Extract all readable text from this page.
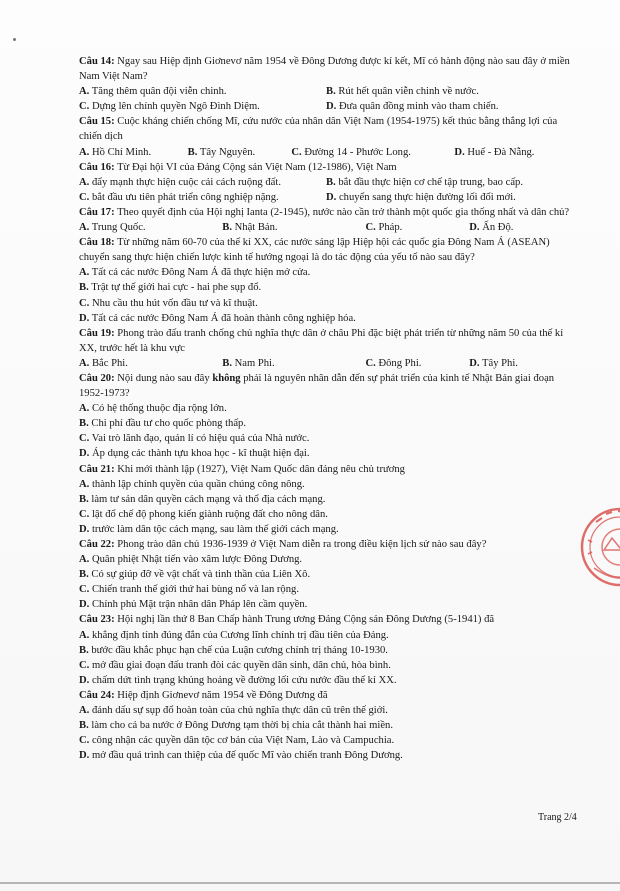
Câu 14: Ngay sau Hiệp định Giơnevơ năm 1954 về Đông Dương được kí kết, Mĩ có hành động nào sau đây ở miền Nam Việt Nam?
A. Tăng thêm quân đội viễn chinh.	B. Rút hết quân viễn chinh về nước.
C. Dựng lên chính quyền Ngô Đình Diệm.	D. Đưa quân đồng minh vào tham chiến.
Câu 15: Cuộc kháng chiến chống Mĩ, cứu nước của nhân dân Việt Nam (1954-1975) kết thúc bằng thắng lợi của chiến dịch
A. Hồ Chí Minh.	B. Tây Nguyên.	C. Đường 14 - Phước Long.	D. Huế - Đà Nẵng.
Câu 16: Từ Đại hội VI của Đảng Cộng sản Việt Nam (12-1986), Việt Nam
A. đẩy mạnh thực hiện cuộc cải cách ruộng đất.	B. bắt đầu thực hiện cơ chế tập trung, bao cấp.
C. bắt đầu ưu tiên phát triển công nghiệp nặng.	D. chuyển sang thực hiện đường lối đổi mới.
Câu 17: Theo quyết định của Hội nghị Ianta (2-1945), nước nào cần trở thành một quốc gia thống nhất và dân chủ?
A. Trung Quốc.	B. Nhật Bản.	C. Pháp.	D. Ấn Độ.
Câu 18: Từ những năm 60-70 của thế kỉ XX, các nước sáng lập Hiệp hội các quốc gia Đông Nam Á (ASEAN) chuyển sang thực hiện chiến lược kinh tế hướng ngoại là do tác động của yếu tố nào sau đây?
A. Tất cả các nước Đông Nam Á đã thực hiện mở cửa.
B. Trật tự thế giới hai cực - hai phe sụp đổ.
C. Nhu cầu thu hút vốn đầu tư và kĩ thuật.
D. Tất cả các nước Đông Nam Á đã hoàn thành công nghiệp hóa.
Câu 19: Phong trào đấu tranh chống chủ nghĩa thực dân ở châu Phi đặc biệt phát triển từ những năm 50 của thế kỉ XX, trước hết là khu vực
A. Bắc Phi.	B. Nam Phi.	C. Đông Phi.	D. Tây Phi.
Câu 20: Nội dung nào sau đây không phải là nguyên nhân dẫn đến sự phát triển của kinh tế Nhật Bản giai đoạn 1952-1973?
A. Có hệ thống thuộc địa rộng lớn.
B. Chi phí đầu tư cho quốc phòng thấp.
C. Vai trò lãnh đạo, quản lí có hiệu quả của Nhà nước.
D. Áp dụng các thành tựu khoa học - kĩ thuật hiện đại.
Câu 21: Khi mới thành lập (1927), Việt Nam Quốc dân đảng nêu chủ trương
A. thành lập chính quyền của quần chúng công nông.
B. làm tư sản dân quyền cách mạng và thổ địa cách mạng.
C. lật đổ chế độ phong kiến giành ruộng đất cho nông dân.
D. trước làm dân tộc cách mạng, sau làm thế giới cách mạng.
Câu 22: Phong trào dân chủ 1936-1939 ở Việt Nam diễn ra trong điều kiện lịch sử nào sau đây?
A. Quân phiệt Nhật tiến vào xâm lược Đông Dương.
B. Có sự giúp đỡ về vật chất và tinh thần của Liên Xô.
C. Chiến tranh thế giới thứ hai bùng nổ và lan rộng.
D. Chính phủ Mặt trận nhân dân Pháp lên cầm quyền.
Câu 23: Hội nghị lần thứ 8 Ban Chấp hành Trung ương Đảng Cộng sản Đông Dương (5-1941) đã
A. khẳng định tính đúng đắn của Cương lĩnh chính trị đầu tiên của Đảng.
B. bước đầu khắc phục hạn chế của Luận cương chính trị tháng 10-1930.
C. mở đầu giai đoạn đấu tranh đòi các quyền dân sinh, dân chủ, hòa bình.
D. chấm dứt tình trạng khủng hoảng về đường lối cứu nước đầu thế kỉ XX.
Câu 24: Hiệp định Giơnevơ năm 1954 về Đông Dương đã
A. đánh dấu sự sụp đổ hoàn toàn của chủ nghĩa thực dân cũ trên thế giới.
B. làm cho cả ba nước ở Đông Dương tạm thời bị chia cắt thành hai miền.
C. công nhận các quyền dân tộc cơ bản của Việt Nam, Lào và Campuchia.
D. mở đầu quá trình can thiệp của đế quốc Mĩ vào chiến tranh Đông Dương.
Trang 2/4
